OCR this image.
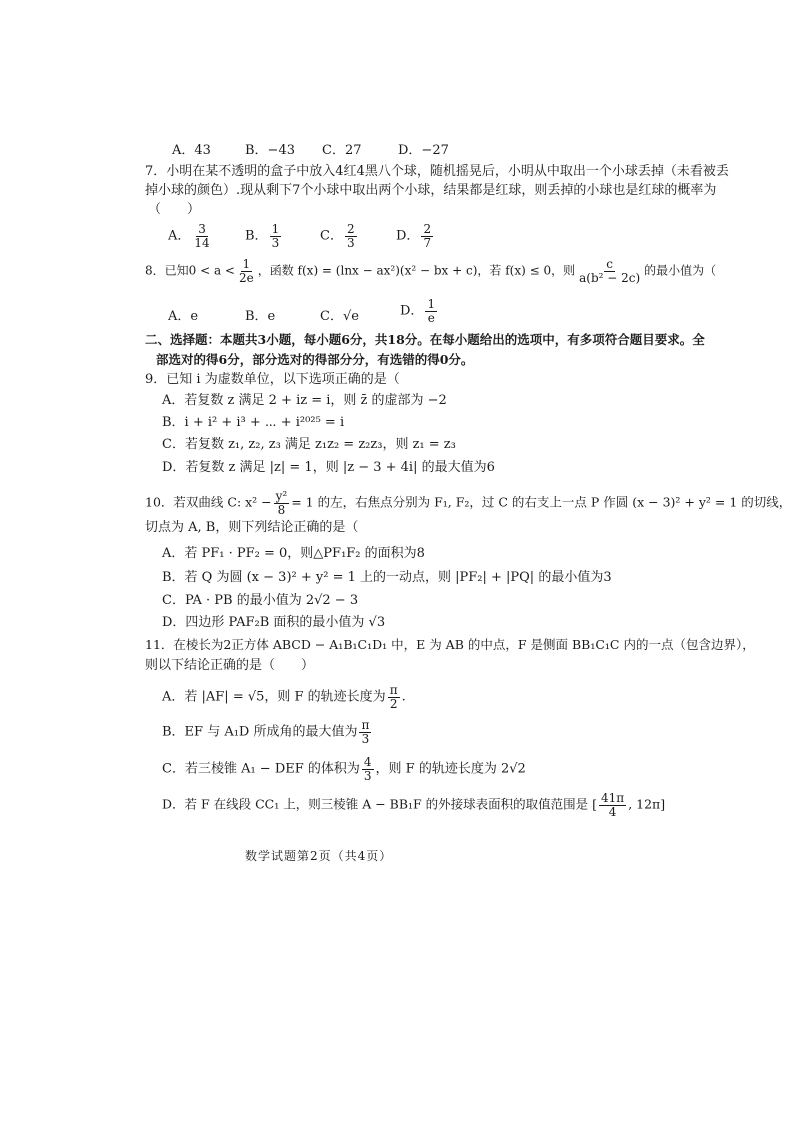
A．43	B．−43 C．27	D．−27
7．小明在某不透明的盒子中放入4红4黑八个球，随机摇晃后，小明从中取出一个小球丢掉（未看被丢
掉小球的颜色）.现从剩下7个小球中取出两个小球，结果都是红球，则丢掉的小球也是红球的概率为
（　　）
A． $\frac{3}{14}$	B． $\frac{1}{3}$	C． $\frac{2}{3}$	D． $\frac{2}{7}$
8．已知$0 < a < \frac{1}{2e}$ ，函数 f(x) = (lnx − ax²)(x² − bx + c)，若 f(x) ≤ 0，则 $\frac{c}{\text{a(b² − 2c)}}$ 的最小值为（
A．e	B．e	C．√e	D． $\frac{1}{e}$
二、选择题：本题共3小题，每小题6分，共18分。在每小题给出的选项中，有多项符合题目要求。全
部选对的得6分，部分选对的得部分分，有选错的得0分。
9．已知 i 为虚数单位，以下选项正确的是（
A．若复数 z 满足 2 + iz = i，则 z̄ 的虚部为 −2
B．i + i² + i³ + ⋯ + i²⁰²⁵ = i
C．若复数 z₁, z₂, z₃ 满足 z₁z₂ = z₂z₃，则 z₁ = z₃
D．若复数 z 满足 |z| = 1，则 |z − 3 + 4i| 的最大值为6
10．若双曲线 C: $x^2 - \frac{\text{y²}}{8} = 1$ 的左，右焦点分别为 F₁, F₂，过 C 的右支上一点 P 作圆 (x − 3)² + y² = 1 的切线，
切点为 A, B，则下列结论正确的是（
A．若 PF₁ · PF₂ = 0，则△PF₁F₂ 的面积为8
B．若 Q 为圆 (x − 3)² + y² = 1 上的一动点，则 |PF₂| + |PQ| 的最小值为3
C．PA · PB 的最小值为 2√2 − 3
D．四边形 PAF₂B 面积的最小值为 √3
11．在棱长为2正方体 ABCD − A₁B₁C₁D₁ 中，E 为 AB 的中点，F 是侧面 BB₁C₁C 内的一点（包含边界），
则以下结论正确的是（　　）
A．若 |AF| = √5，则 F 的轨迹长度为 $\frac{\pi}{2}$ .
B．EF 与 A₁D 所成角的最大值为 $\frac{\pi}{3}$
C．若三棱锥 A₁ − DEF 的体积为 $\frac{4}{3}$ ，则 F 的轨迹长度为 2√2
D．若 F 在线段 CC₁ 上，则三棱锥 A − BB₁F 的外接球表面积的取值范围是 [ $\frac{41\pi}{4}$ , 12π]
数学试题第2页（共4页）
